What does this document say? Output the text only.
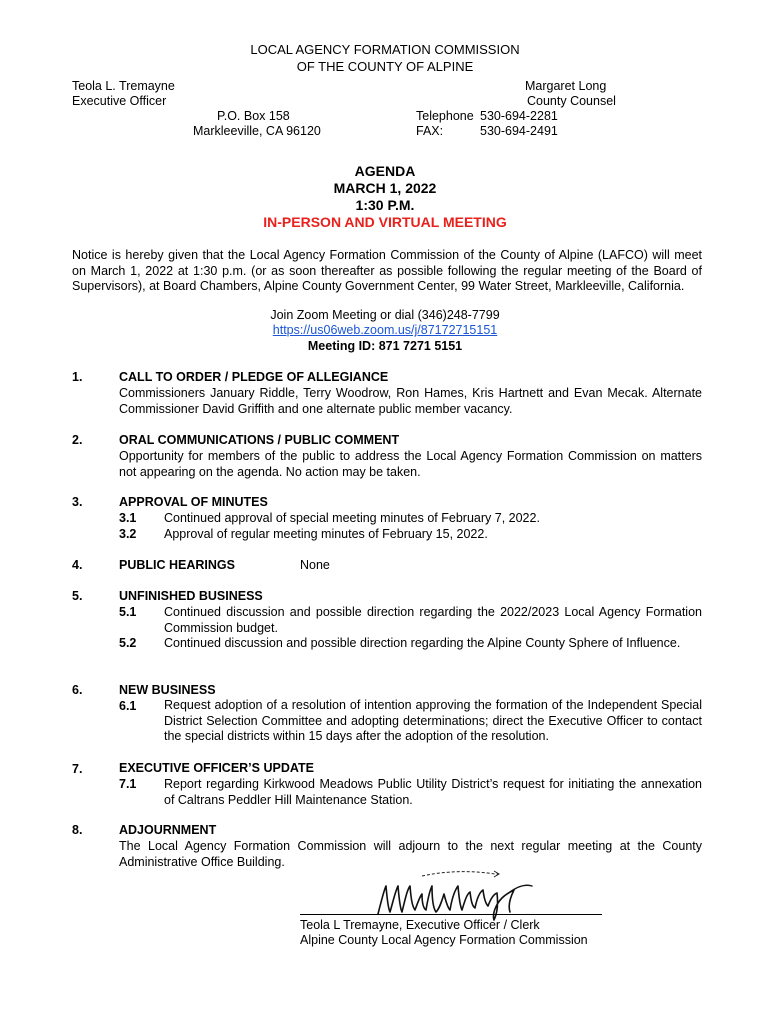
LOCAL AGENCY FORMATION COMMISSION
OF THE COUNTY OF ALPINE
Teola L. Tremayne
Executive Officer
Margaret Long
County Counsel
P.O. Box 158
Markleeville, CA 96120
Telephone 530-694-2281
FAX:	530-694-2491
AGENDA
MARCH 1, 2022
1:30 P.M.
IN-PERSON AND VIRTUAL MEETING
Notice is hereby given that the Local Agency Formation Commission of the County of Alpine (LAFCO) will meet on March 1, 2022 at 1:30 p.m. (or as soon thereafter as possible following the regular meeting of the Board of Supervisors), at Board Chambers, Alpine County Government Center, 99 Water Street, Markleeville, California.
Join Zoom Meeting or dial (346)248-7799
https://us06web.zoom.us/j/87172715151
Meeting ID: 871 7271 5151
1.	CALL TO ORDER / PLEDGE OF ALLEGIANCE
Commissioners January Riddle, Terry Woodrow, Ron Hames, Kris Hartnett and Evan Mecak. Alternate Commissioner David Griffith and one alternate public member vacancy.
2.	ORAL COMMUNICATIONS / PUBLIC COMMENT
Opportunity for members of the public to address the Local Agency Formation Commission on matters not appearing on the agenda. No action may be taken.
3.	APPROVAL OF MINUTES
3.1 Continued approval of special meeting minutes of February 7, 2022.
3.2 Approval of regular meeting minutes of February 15, 2022.
4.	PUBLIC HEARINGS	None
5.	UNFINISHED BUSINESS
5.1 Continued discussion and possible direction regarding the 2022/2023 Local Agency Formation Commission budget.
5.2 Continued discussion and possible direction regarding the Alpine County Sphere of Influence.
6.	NEW BUSINESS
6.1 Request adoption of a resolution of intention approving the formation of the Independent Special District Selection Committee and adopting determinations; direct the Executive Officer to contact the special districts within 15 days after the adoption of the resolution.
7.	EXECUTIVE OFFICER’S UPDATE
7.1 Report regarding Kirkwood Meadows Public Utility District’s request for initiating the annexation of Caltrans Peddler Hill Maintenance Station.
8.	ADJOURNMENT
The Local Agency Formation Commission will adjourn to the next regular meeting at the County Administrative Office Building.
Teola L Tremayne, Executive Officer / Clerk
Alpine County Local Agency Formation Commission
